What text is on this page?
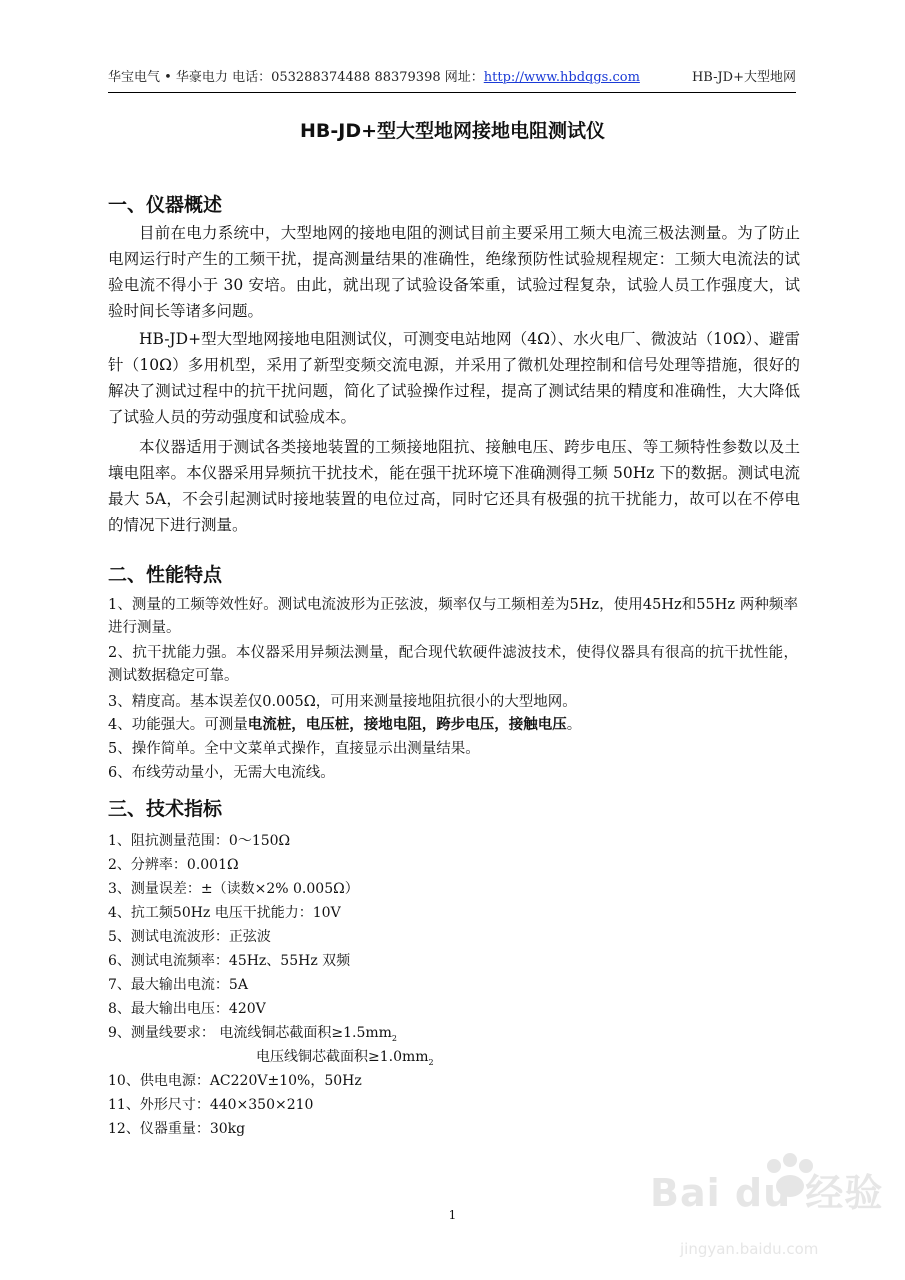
华宝电气 • 华豪电力 电话：053288374488 88379398 网址：http://www.hbdqgs.com	HB-JD+大型地网
HB-JD+型大型地网接地电阻测试仪
一、仪器概述
目前在电力系统中，大型地网的接地电阻的测试目前主要采用工频大电流三极法测量。为了防止电网运行时产生的工频干扰，提高测量结果的准确性，绝缘预防性试验规程规定：工频大电流法的试验电流不得小于 30 安培。由此，就出现了试验设备笨重，试验过程复杂，试验人员工作强度大，试验时间长等诸多问题。
HB-JD+型大型地网接地电阻测试仪，可测变电站地网（4Ω）、水火电厂、微波站（10Ω）、避雷针（10Ω）多用机型，采用了新型变频交流电源，并采用了微机处理控制和信号处理等措施，很好的解决了测试过程中的抗干扰问题，简化了试验操作过程，提高了测试结果的精度和准确性，大大降低了试验人员的劳动强度和试验成本。
本仪器适用于测试各类接地装置的工频接地阻抗、接触电压、跨步电压、等工频特性参数以及土壤电阻率。本仪器采用异频抗干扰技术，能在强干扰环境下准确测得工频 50Hz 下的数据。测试电流最大 5A，不会引起测试时接地装置的电位过高，同时它还具有极强的抗干扰能力，故可以在不停电的情况下进行测量。
二、性能特点
1、测量的工频等效性好。测试电流波形为正弦波，频率仅与工频相差为5Hz，使用45Hz和55Hz 两种频率进行测量。
2、抗干扰能力强。本仪器采用异频法测量，配合现代软硬件滤波技术，使得仪器具有很高的抗干扰性能，测试数据稳定可靠。
3、精度高。基本误差仅0.005Ω，可用来测量接地阻抗很小的大型地网。
4、功能强大。可测量电流桩，电压桩，接地电阻，跨步电压，接触电压。
5、操作简单。全中文菜单式操作，直接显示出测量结果。
6、布线劳动量小，无需大电流线。
三、技术指标
1、阻抗测量范围：0～150Ω
2、分辨率：0.001Ω
3、测量误差：±（读数×2% 0.005Ω）
4、抗工频50Hz 电压干扰能力：10V
5、测试电流波形：正弦波
6、测试电流频率：45Hz、55Hz 双频
7、最大输出电流：5A
8、最大输出电压：420V
9、测量线要求： 电流线铜芯截面积$\ge 1.5mm_2$
电压线铜芯截面积$\ge 1.0mm_2$
10、供电电源：AC220V±10%，50Hz
11、外形尺寸：440×350×210
12、仪器重量：30kg
1	Bai du 经验
jingyan.baidu.com
